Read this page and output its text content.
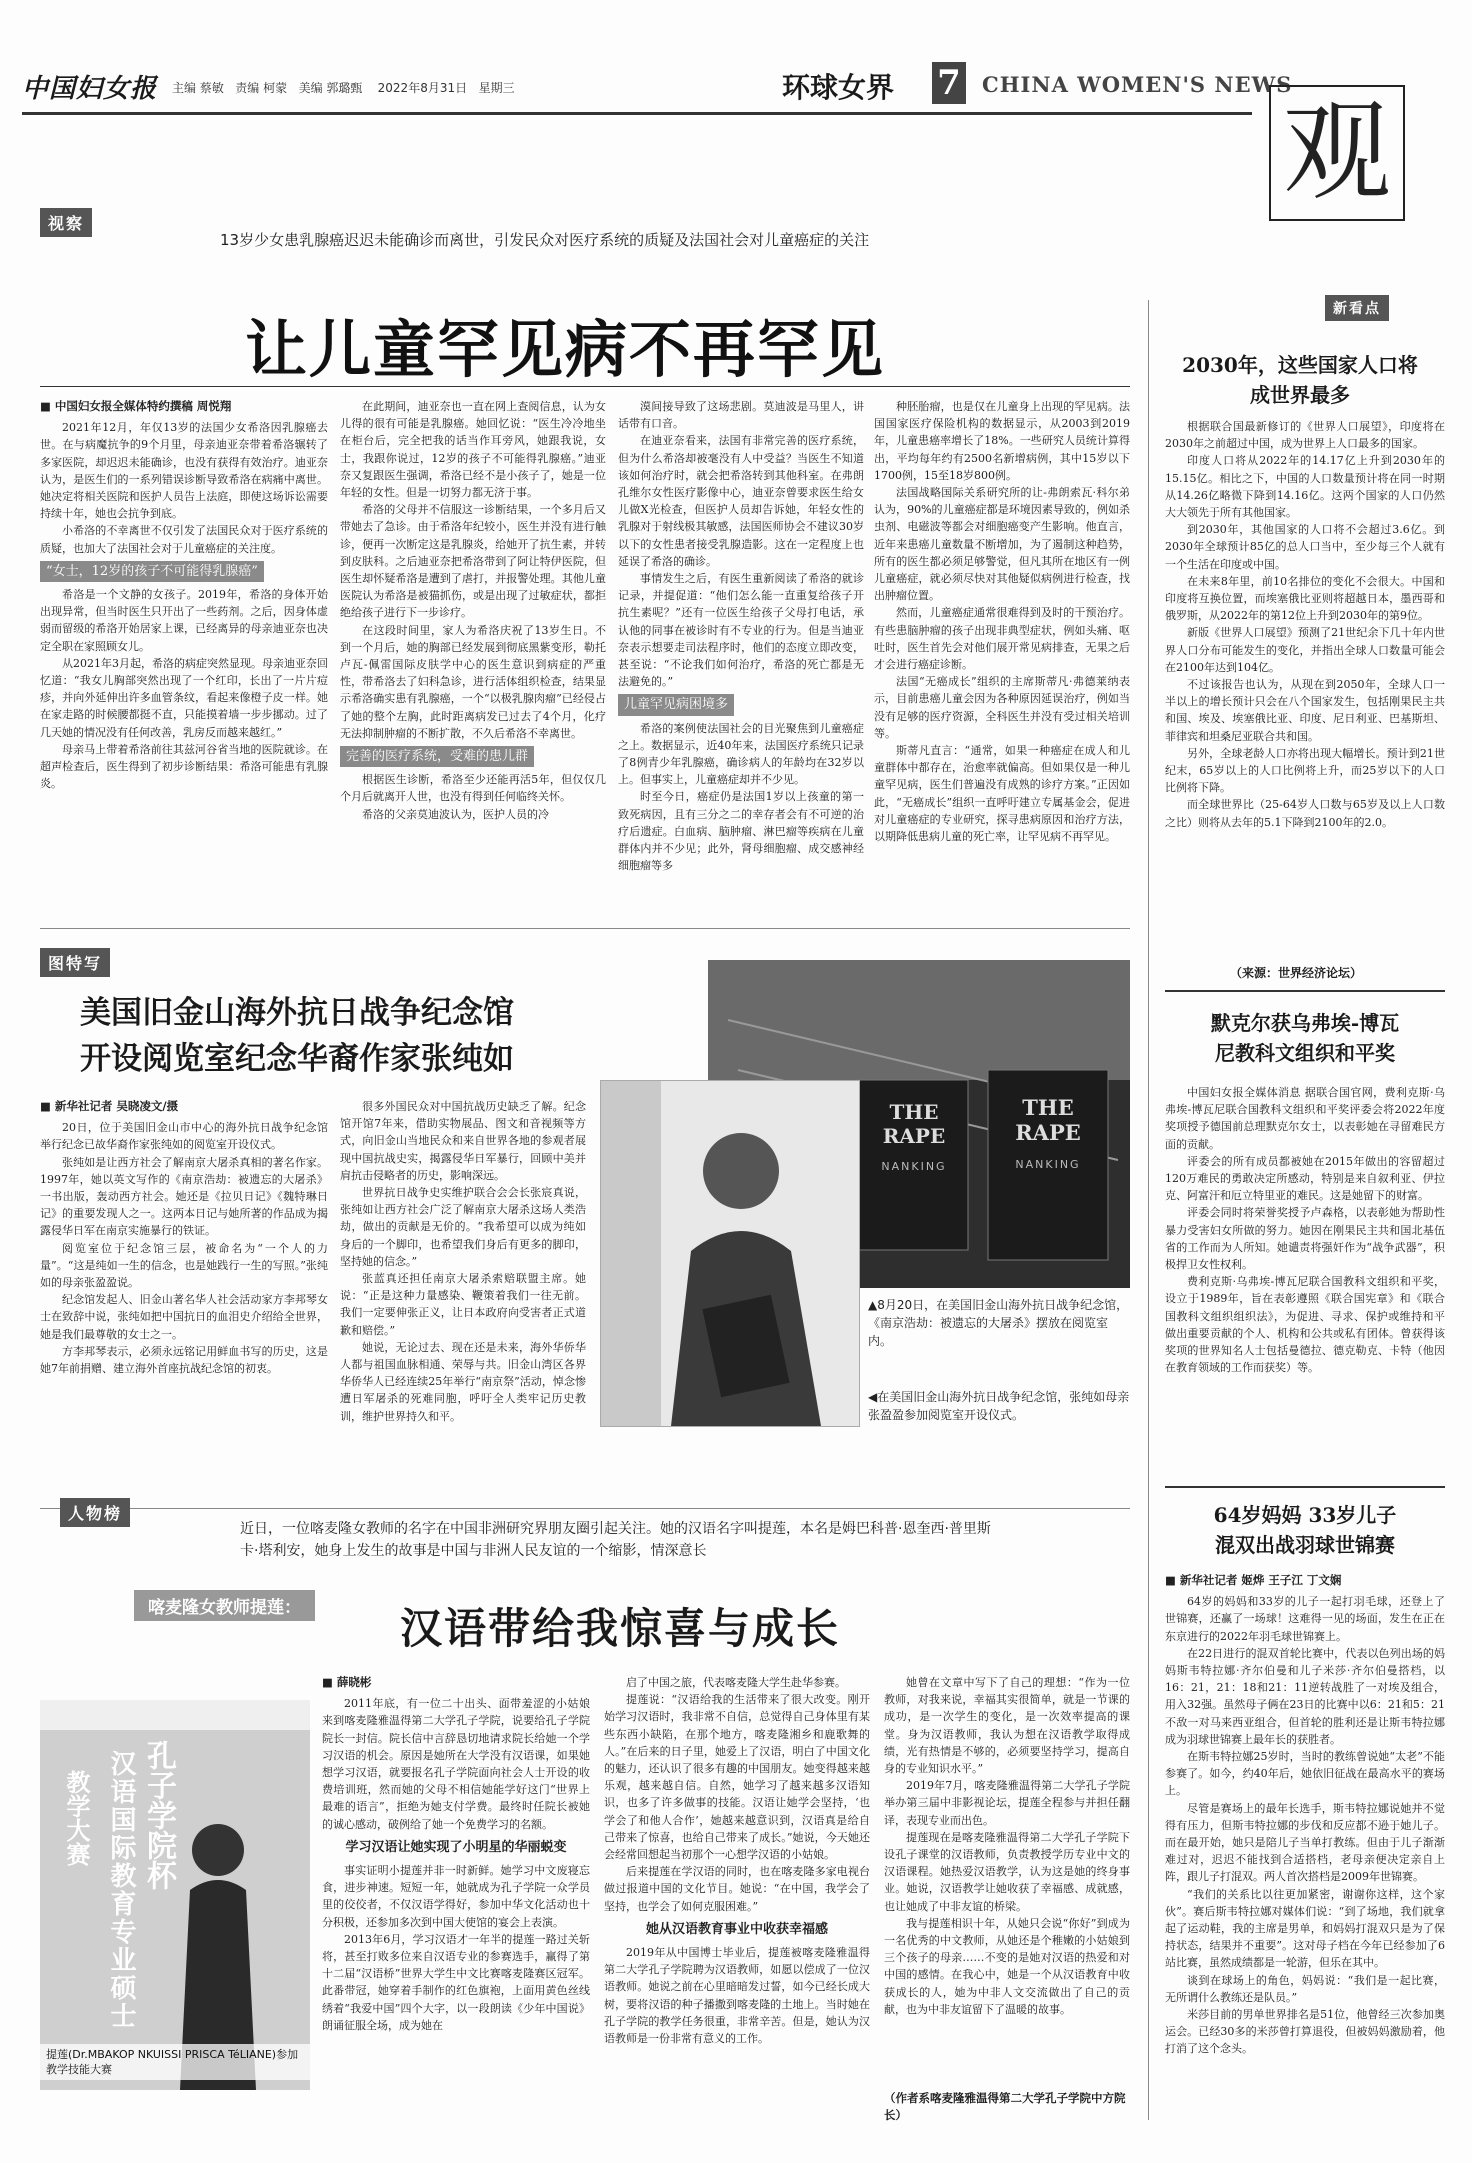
中国妇女报 主编 蔡敏 责编 柯蒙 美编 郭璐甄 2022年8月31日 星期三	环球女界 7 CHINA WOMEN'S NEWS
观
视察
13岁少女患乳腺癌迟迟未能确诊而离世，引发民众对医疗系统的质疑及法国社会对儿童癌症的关注
让儿童罕见病不再罕见
■ 中国妇女报全媒体特约撰稿 周悦翔

2021年12月，年仅13岁的法国少女希洛因乳腺癌去世。在与病魔抗争的9个月里，母亲迪亚奈带着希洛辗转了多家医院，却迟迟未能确诊，也没有获得有效治疗。迪亚奈认为，是医生们的一系列错误诊断导致希洛在病痛中离世。她决定将相关医院和医护人员告上法庭，即使这场诉讼需要持续十年，她也会抗争到底。

小希洛的不幸离世不仅引发了法国民众对于医疗系统的质疑，也加大了法国社会对于儿童癌症的关注度。

“女士，12岁的孩子不可能得乳腺癌”

希洛是一个文静的女孩子。2019年，希洛的身体开始出现异常，但当时医生只开出了一些药剂。之后，因身体虚弱而留级的希洛开始居家上课，已经离异的母亲迪亚奈也决定全职在家照顾女儿。

从2021年3月起，希洛的病症突然显现。母亲迪亚奈回忆道：“我女儿胸部突然出现了一个红印，长出了一片片痘疹，并向外延伸出许多血管条纹，看起来像橙子皮一样。她在家走路的时候腰都挺不直，只能摸着墙一步步挪动。过了几天她的情况没有任何改善，乳房反而越来越红。”

母亲马上带着希洛前往其兹河谷省当地的医院就诊。在超声检查后，医生得到了初步诊断结果：希洛可能患有乳腺炎。

在此期间，迪亚奈也一直在网上查阅信息，认为女儿得的很有可能是乳腺癌。她回忆说：“医生冷冷地坐在柜台后，完全把我的话当作耳旁风，她跟我说，女士，我跟你说过，12岁的孩子不可能得乳腺癌。”迪亚奈又复跟医生强调，希洛已经不是小孩子了，她是一位年轻的女性。但是一切努力都无济于事。

希洛的父母并不信服这一诊断结果，一个多月后又带她去了急诊。由于希洛年纪较小，医生并没有进行触诊，便再一次断定这是乳腺炎，给她开了抗生素，并转到皮肤科。之后迪亚奈把希洛带到了阿让特伊医院，但医生却怀疑希洛是遭到了虐打，并报警处理。其他儿童医院认为希洛是被猫抓伤，或是出现了过敏症状，都拒绝给孩子进行下一步诊疗。

在这段时间里，家人为希洛庆祝了13岁生日。不到一个月后，她的胸部已经发展到彻底黑紫变形，勒托卢瓦-佩雷国际皮肤学中心的医生意识到病症的严重性，带希洛去了妇科急诊，进行活体组织检查，结果显示希洛确实患有乳腺癌，一个“以极乳腺肉瘤”已经侵占了她的整个左胸，此时距离病发已过去了4个月，化疗无法抑制肿瘤的不断扩散，不久后希洛不幸离世。

完善的医疗系统，受难的患儿群

根据医生诊断，希洛至少还能再活5年，但仅仅几个月后就离开人世，也没有得到任何临终关怀。

希洛的父亲莫迪波认为，医护人员的冷

漠间接导致了这场悲剧。莫迪波是马里人，讲话带有口音。

在迪亚奈看来，法国有非常完善的医疗系统，但为什么希洛却被毫没有人中受益？当医生不知道该如何治疗时，就会把希洛转到其他科室。在弗朗孔维尔女性医疗影像中心，迪亚奈曾要求医生给女儿做X光检查，但医护人员却告诉她，年轻女性的乳腺对于射线极其敏感，法国医师协会不建议30岁以下的女性患者接受乳腺造影。这在一定程度上也延误了希洛的确诊。

事情发生之后，有医生重新阅读了希洛的就诊记录，并提促道：“他们怎么能一直重复给孩子开抗生素呢？”还有一位医生给孩子父母打电话，承认他的同事在被诊时有不专业的行为。但是当迪亚奈表示想要走司法程序时，他们的态度立即改变，甚至说：“不论我们如何治疗，希洛的死亡都是无法避免的。”

儿童罕见病困境多

希洛的案例使法国社会的目光聚焦到儿童癌症之上。数据显示，近40年来，法国医疗系统只记录了8例青少年乳腺癌，确诊病人的年龄均在32岁以上。但事实上，儿童癌症却并不少见。

时至今日，癌症仍是法国1岁以上孩童的第一致死病因，且有三分之二的幸存者会有不可逆的治疗后遗症。白血病、脑肿瘤、淋巴瘤等疾病在儿童群体内并不少见；此外，肾母细胞瘤、成交感神经细胞瘤等多

种胚胎瘤，也是仅在儿童身上出现的罕见病。法国国家医疗保险机构的数据显示，从2003到2019年，儿童患癌率增长了18%。一些研究人员统计算得出，平均每年约有2500名新增病例，其中15岁以下1700例，15至18岁800例。

法国战略国际关系研究所的让-弗朗索瓦·科尔弟认为，90%的儿童癌症都是环境因素导致的，例如杀虫剂、电磁波等都会对细胞癌变产生影响。他直言，近年来患癌儿童数量不断增加，为了遏制这种趋势，所有的医生都必须足够警觉，但凡其所在地区有一例儿童癌症，就必须尽快对其他疑似病例进行检查，找出肿瘤位置。

然而，儿童癌症通常很难得到及时的干预治疗。有些患脑肿瘤的孩子出现非典型症状，例如头痛、呕吐时，医生首先会对他们展开常见病排查，无果之后才会进行癌症诊断。

法国“无癌成长”组织的主席斯蒂凡·弗德莱纳表示，目前患癌儿童会因为各种原因延误治疗，例如当没有足够的医疗资源，全科医生并没有受过相关培训等。

斯蒂凡直言：“通常，如果一种癌症在成人和儿童群体中都存在，治愈率就偏高。但如果仅是一种儿童罕见病，医生们普遍没有成熟的诊疗方案。”正因如此，“无癌成长”组织一直呼吁建立专属基金会，促进对儿童癌症的专业研究，探寻患病原因和治疗方法，以期降低患病儿童的死亡率，让罕见病不再罕见。

新看点
2030年，这些国家人口将成世界最多

根据联合国最新修订的《世界人口展望》，印度将在2030年之前超过中国，成为世界上人口最多的国家。

印度人口将从2022年的14.17亿上升到2030年的15.15亿。相比之下，中国的人口数量预计将在同一时期从14.26亿略微下降到14.16亿。这两个国家的人口仍然大大领先于所有其他国家。

到2030年，其他国家的人口将不会超过3.6亿。到2030年全球预计85亿的总人口当中，至少每三个人就有一个生活在印度或中国。

在未来8年里，前10名排位的变化不会很大。中国和印度将互换位置，而埃塞俄比亚则将超越日本，墨西哥和俄罗斯，从2022年的第12位上升到2030年的第9位。

新版《世界人口展望》预测了21世纪余下几十年内世界人口分布可能发生的变化，并指出全球人口数量可能会在2100年达到104亿。

不过该报告也认为，从现在到2050年，全球人口一半以上的增长预计只会在八个国家发生，包括刚果民主共和国、埃及、埃塞俄比亚、印度、尼日利亚、巴基斯坦、菲律宾和坦桑尼亚联合共和国。

另外，全球老龄人口亦将出现大幅增长。预计到21世纪末，65岁以上的人口比例将上升，而25岁以下的人口比例将下降。

而全球世界比（25-64岁人口数与65岁及以上人口数之比）则将从去年的5.1下降到2100年的2.0。

（来源：世界经济论坛）
默克尔获乌弗埃-博瓦
尼教科文组织和平奖

中国妇女报全媒体消息 据联合国官网，费利克斯·乌弗埃-博瓦尼联合国教科文组织和平奖评委会将2022年度奖项授予德国前总理默克尔女士，以表彰她在寻留难民方面的贡献。

评委会的所有成员都被她在2015年做出的容留超过120万难民的勇敢决定所感动，特别是来自叙利亚、伊拉克、阿富汗和厄立特里亚的难民。这是她留下的财富。

评委会同时将荣誉奖授予卢森格，以表彰她为帮助性暴力受害妇女所做的努力。她因在刚果民主共和国北基伍省的工作而为人所知。她谴责将强奸作为“战争武器”，积极捍卫女性权利。

费利克斯·乌弗埃-博瓦尼联合国教科文组织和平奖，设立于1989年，旨在表彰遵照《联合国宪章》和《联合国教科文组织组织法》，为促进、寻求、保护或维持和平做出重要贡献的个人、机构和公共或私有团体。曾获得该奖项的世界知名人士包括曼德拉、德克勒克、卡特（他因在教育领域的工作而获奖）等。

64岁妈妈 33岁儿子
混双出战羽球世锦赛
■ 新华社记者 姬烨 王子江 丁文娴

64岁的妈妈和33岁的儿子一起打羽毛球，还登上了世锦赛，还赢了一场球！这难得一见的场面，发生在正在东京进行的2022年羽毛球世锦赛上。

在22日进行的混双首轮比赛中，代表以色列出场的妈妈斯韦特拉娜·齐尔伯曼和儿子米莎·齐尔伯曼搭档，以16：21，21：18和21：11逆转战胜了一对埃及组合，用入32强。虽然母子俩在23日的比赛中以6：21和5：21不敌一对马来西亚组合，但首轮的胜利还是让斯韦特拉娜成为羽球世锦赛上最年长的获胜者。

在斯韦特拉娜25岁时，当时的教练曾说她“太老”不能参赛了。如今，约40年后，她依旧征战在最高水平的赛场上。

尽管是赛场上的最年长选手，斯韦特拉娜说她并不觉得有压力，但斯韦特拉娜的步伐和反应都不逊于她儿子。而在最开始，她只是陪儿子当单打教练。但由于儿子渐渐难过对，迟迟不能找到合适搭档，老母亲便决定亲自上阵，跟儿子打混双。两人首次搭档是2009年世锦赛。

“我们的关系比以往更加紧密，谢谢你这样，这个家伙”。赛后斯韦特拉娜对媒体们说：“到了场地，我们就拿起了运动鞋，我的主席是男单，和妈妈打混双只是为了保持状态，结果并不重要”。这对母子档在今年已经参加了6站比赛，虽然成绩都是一轮游，但乐在其中。

谈到在球场上的角色，妈妈说：“我们是一起比赛，无所谓什么教练还是队员。”

米莎目前的男单世界排名是51位，他曾经三次参加奥运会。已经30多的米莎曾打算退役，但被妈妈激励着，他打消了这个念头。

图特写
美国旧金山海外抗日战争纪念馆
开设阅览室纪念华裔作家张纯如
■ 新华社记者 吴晓凌文/摄

20日，位于美国旧金山市中心的海外抗日战争纪念馆举行纪念已故华裔作家张纯如的阅览室开设仪式。

张纯如是让西方社会了解南京大屠杀真相的著名作家。1997年，她以英文写作的《南京浩劫：被遗忘的大屠杀》一书出版，轰动西方社会。她还是《拉贝日记》《魏特琳日记》的重要发现人之一。这两本日记与她所著的作品成为揭露侵华日军在南京实施暴行的铁证。

阅览室位于纪念馆三层，被命名为“一个人的力量”。“这是纯如一生的信念，也是她践行一生的写照。”张纯如的母亲张盈盈说。

纪念馆发起人、旧金山著名华人社会活动家方李邦琴女士在致辞中说，张纯如把中国抗日的血泪史介绍给全世界，她是我们最尊敬的女士之一。

方李邦琴表示，必须永远铭记用鲜血书写的历史，这是她7年前捐赠、建立海外首座抗战纪念馆的初衷。

很多外国民众对中国抗战历史缺乏了解。纪念馆开馆7年来，借助实物展品、图文和音视频等方式，向旧金山当地民众和来自世界各地的参观者展现中国抗战史实，揭露侵华日军暴行，回顾中美并肩抗击侵略者的历史，影响深远。

世界抗日战争史实维护联合会会长张宸真说，张纯如让西方社会广泛了解南京大屠杀这场人类浩劫，做出的贡献是无价的。“我希望可以成为纯如身后的一个脚印，也希望我们身后有更多的脚印，坚持她的信念。”

张蓝真还担任南京大屠杀索赔联盟主席。她说：“正是这种力量感染、鞭策着我们一往无前。我们一定要伸张正义，让日本政府向受害者正式道歉和赔偿。”

她说，无论过去、现在还是未来，海外华侨华人都与祖国血脉相通、荣辱与共。旧金山湾区各界华侨华人已经连续25年举行“南京祭”活动，悼念惨遭日军屠杀的死难同胞，呼吁全人类牢记历史教训，维护世界持久和平。

THE RAPE
NANKING
THE RAPE
NANKING
▲8月20日，在美国旧金山海外抗日战争纪念馆，《南京浩劫：被遗忘的大屠杀》摆放在阅览室内。
◀在美国旧金山海外抗日战争纪念馆，张纯如母亲张盈盈参加阅览室开设仪式。
人物榜
近日，一位喀麦隆女教师的名字在中国非洲研究界朋友圈引起关注。她的汉语名字叫提莲，本名是姆巴科普·恩奎西·普里斯卡·塔利安，她身上发生的故事是中国与非洲人民友谊的一个缩影，情深意长
喀麦隆女教师提莲：	汉语带给我惊喜与成长
汉语国际教育专业硕士 孔子学院杯
教学大赛
提莲(Dr.MBAKOP NKUISSI PRISCA TéLIANE)参加教学技能大赛
■ 薛晓彬

2011年底，有一位二十出头、面带羞涩的小姑娘来到喀麦隆雅温得第二大学孔子学院，说要给孔子学院院长一封信。院长信中言辞恳切地请求院长给她一个学习汉语的机会。原因是她所在大学没有汉语课，如果她想学习汉语，就要报名孔子学院面向社会人士开设的收费培训班，然而她的父母不相信她能学好这门“世界上最难的语言”，拒绝为她支付学费。最终时任院长被她的诚心感动，破例给了她一个免费学习的名额。

学习汉语让她实现了小明星的华丽蜕变

事实证明小提莲并非一时新鲜。她学习中文废寝忘食，进步神速。短短一年，她就成为孔子学院一众学员里的佼佼者，不仅汉语学得好，参加中华文化活动也十分积极，还参加多次到中国大使馆的宴会上表演。

2013年6月，学习汉语才一年半的提莲一路过关斩将，甚至打败多位来自汉语专业的参赛选手，赢得了第十二届“汉语桥”世界大学生中文比赛喀麦隆赛区冠军。此番带冠，她穿着手制作的红色旗袍，上面用黄色丝线绣着“我爱中国”四个大字，以一段朗读《少年中国说》朗诵征服全场，成为她在

启了中国之旅，代表喀麦隆大学生赴华参赛。

提莲说：“汉语给我的生活带来了很大改变。刚开始学习汉语时，我非常不自信，总觉得自己身体里有某些东西小缺陷，在那个地方，喀麦隆湘乡和鹿歌舞的人。”在后来的日子里，她爱上了汉语，明白了中国文化的魅力，还认识了很多有趣的中国朋友。她变得越来越乐观，越来越自信。自然，她学习了越来越多汉语知识，也多了许多做事的技能。汉语让她学会坚持，‘也学会了和他人合作’，她越来越意识到，汉语真是给自己带来了惊喜，也给自己带来了成长。”她说，今天她还会经常回想起当初那个一心想学汉语的小姑娘。

后来提莲在学汉语的同时，也在喀麦隆多家电视台做过报道中国的文化节目。她说：“在中国，我学会了坚持，也学会了如何克服困难。”

她从汉语教育事业中收获幸福感

2019年从中国博士毕业后，提莲被喀麦隆雅温得第二大学孔子学院聘为汉语教师，如愿以偿成了一位汉语教师。她说之前在心里暗暗发过誓，如今已经长成大树，要将汉语的种子播撒到喀麦隆的土地上。当时她在孔子学院的教学任务很重，非常辛苦。但是，她认为汉语教师是一份非常有意义的工作。

她曾在文章中写下了自己的理想：“作为一位教师，对我来说，幸福其实很简单，就是一节课的成功，是一次学生的变化，是一次效率提高的课堂。身为汉语教师，我认为想在汉语教学取得成绩，光有热情是不够的，必须要坚持学习，提高自身的专业知识水平。”

2019年7月，喀麦隆雅温得第二大学孔子学院举办第三届中非影视论坛，提莲全程参与并担任翻译，表现专业而出色。

提莲现在是喀麦隆雅温得第二大学孔子学院下设孔子课堂的汉语教师，负责教授学历专业中文的汉语课程。她热爱汉语教学，认为这是她的终身事业。她说，汉语教学让她收获了幸福感、成就感，也让她成了中非友谊的桥梁。

我与提莲相识十年，从她只会说“你好”到成为一名优秀的中文教师，从她还是个稚嫩的小姑娘到三个孩子的母亲……不变的是她对汉语的热爱和对中国的感情。在我心中，她是一个从汉语教育中收获成长的人，她为中非人文交流做出了自己的贡献，也为中非友谊留下了温暖的故事。

（作者系喀麦隆雅温得第二大学孔子学院中方院长）
